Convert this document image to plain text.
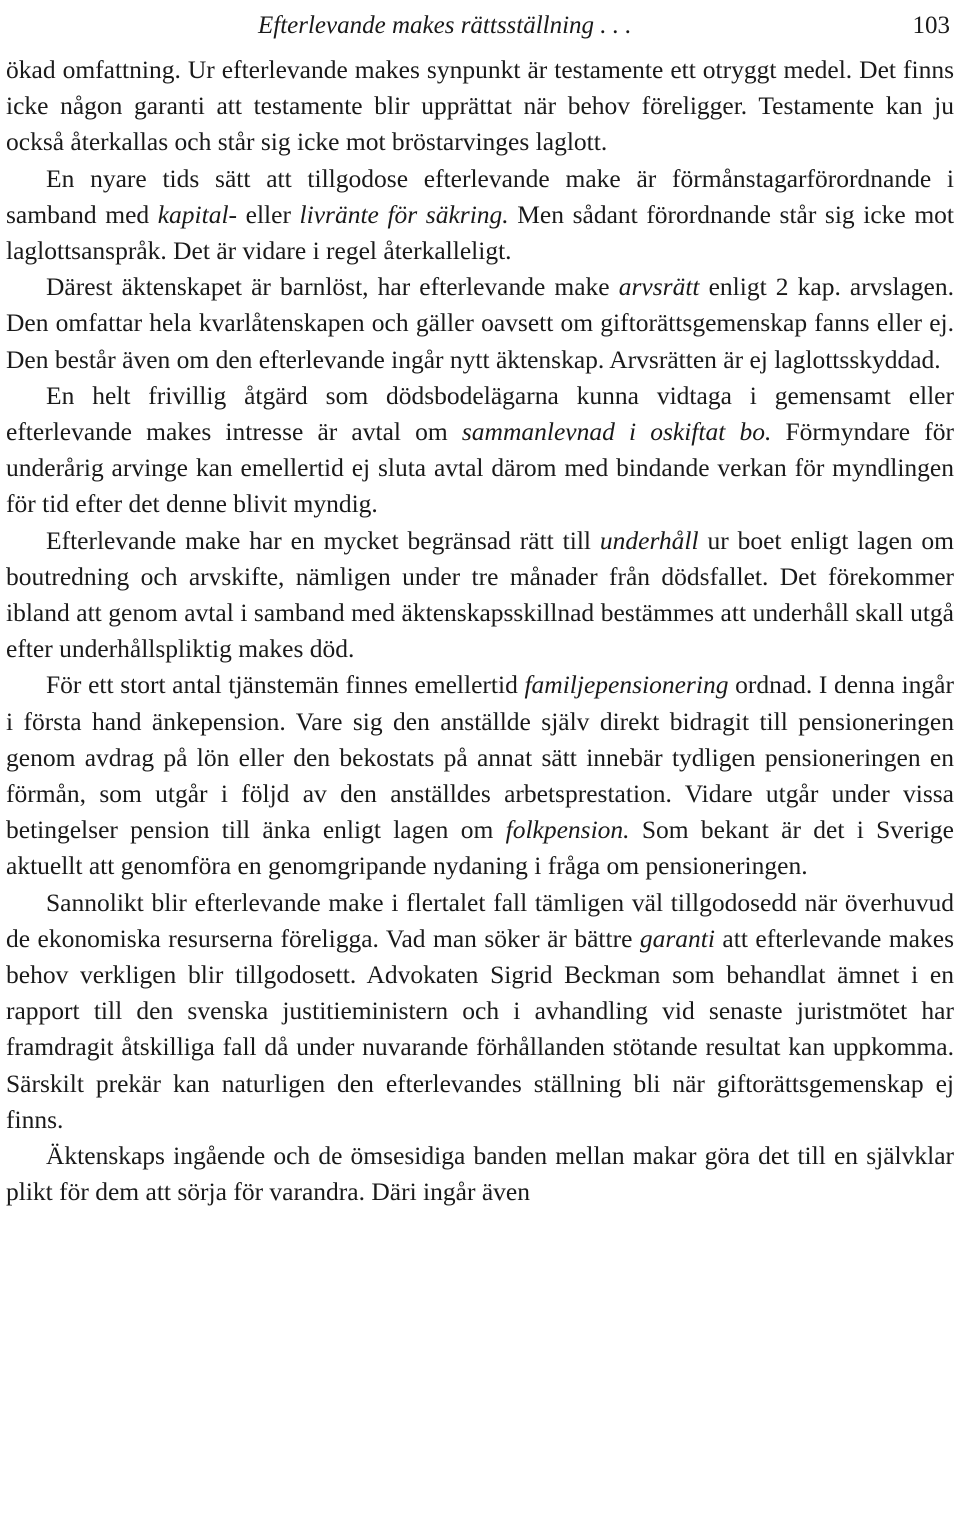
Efterlevande makes rättsställning . . .	103

ökad omfattning. Ur efterlevande makes synpunkt är testamente ett otryggt medel. Det finns icke någon garanti att testamente blir upprättat när behov föreligger. Testamente kan ju också återkallas och står sig icke mot bröstarvinges laglott.

En nyare tids sätt att tillgodose efterlevande make är förmånstagarförordnande i samband med kapital- eller livränte för säkring. Men sådant förordnande står sig icke mot laglottsanspråk. Det är vidare i regel återkalleligt.

Därest äktenskapet är barnlöst, har efterlevande make arvsrätt enligt 2 kap. arvslagen. Den omfattar hela kvarlåtenskapen och gäller oavsett om giftorättsgemenskap fanns eller ej. Den består även om den efterlevande ingår nytt äktenskap. Arvsrätten är ej laglottsskyddad.

En helt frivillig åtgärd som dödsbodelägarna kunna vidtaga i gemensamt eller efterlevande makes intresse är avtal om sammanlevnad i oskiftat bo. Förmyndare för underårig arvinge kan emellertid ej sluta avtal därom med bindande verkan för myndlingen för tid efter det denne blivit myndig.

Efterlevande make har en mycket begränsad rätt till underhåll ur boet enligt lagen om boutredning och arvskifte, nämligen under tre månader från dödsfallet. Det förekommer ibland att genom avtal i samband med äktenskapsskillnad bestämmes att underhåll skall utgå efter underhållspliktig makes död.

För ett stort antal tjänstemän finnes emellertid familjepensionering ordnad. I denna ingår i första hand änkepension. Vare sig den anställde själv direkt bidragit till pensioneringen genom avdrag på lön eller den bekostats på annat sätt innebär tydligen pensioneringen en förmån, som utgår i följd av den anställdes arbetsprestation. Vidare utgår under vissa betingelser pension till änka enligt lagen om folkpension. Som bekant är det i Sverige aktuellt att genomföra en genomgripande nydaning i fråga om pensioneringen.

Sannolikt blir efterlevande make i flertalet fall tämligen väl tillgodosedd när överhuvud de ekonomiska resurserna föreligga. Vad man söker är bättre garanti att efterlevande makes behov verkligen blir tillgodosett. Advokaten Sigrid Beckman som behandlat ämnet i en rapport till den svenska justitieministern och i avhandling vid senaste juristmötet har framdragit åtskilliga fall då under nuvarande förhållanden stötande resultat kan uppkomma. Särskilt prekär kan naturligen den efterlevandes ställning bli när giftorättsgemenskap ej finns.

Äktenskaps ingående och de ömsesidiga banden mellan makar göra det till en självklar plikt för dem att sörja för varandra. Däri ingår även
